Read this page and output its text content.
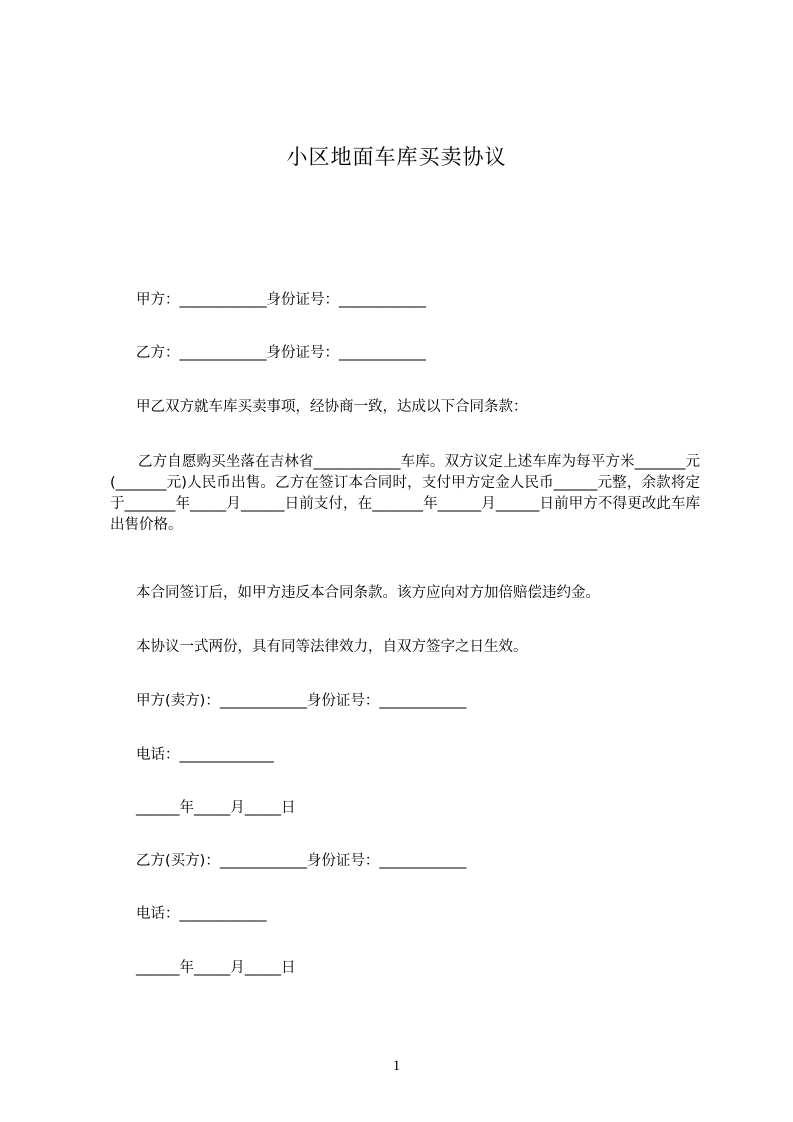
小区地面车库买卖协议
甲方：____________身份证号：____________
乙方：____________身份证号：____________
甲乙双方就车库买卖事项，经协商一致，达成以下合同条款：
乙方自愿购买坐落在吉林省____________车库。双方议定上述车库为每平方米_______元(_______元)人民币出售。乙方在签订本合同时，支付甲方定金人民币______元整，余款将定于_______年_____月______日前支付，在_______年______月______日前甲方不得更改此车库出售价格。
本合同签订后，如甲方违反本合同条款。该方应向对方加倍赔偿违约金。
本协议一式两份，具有同等法律效力，自双方签字之日生效。
甲方(卖方)：____________身份证号：____________
电话：_____________
______年_____月_____日
乙方(买方)：____________身份证号：____________
电话：____________
______年_____月_____日
1
